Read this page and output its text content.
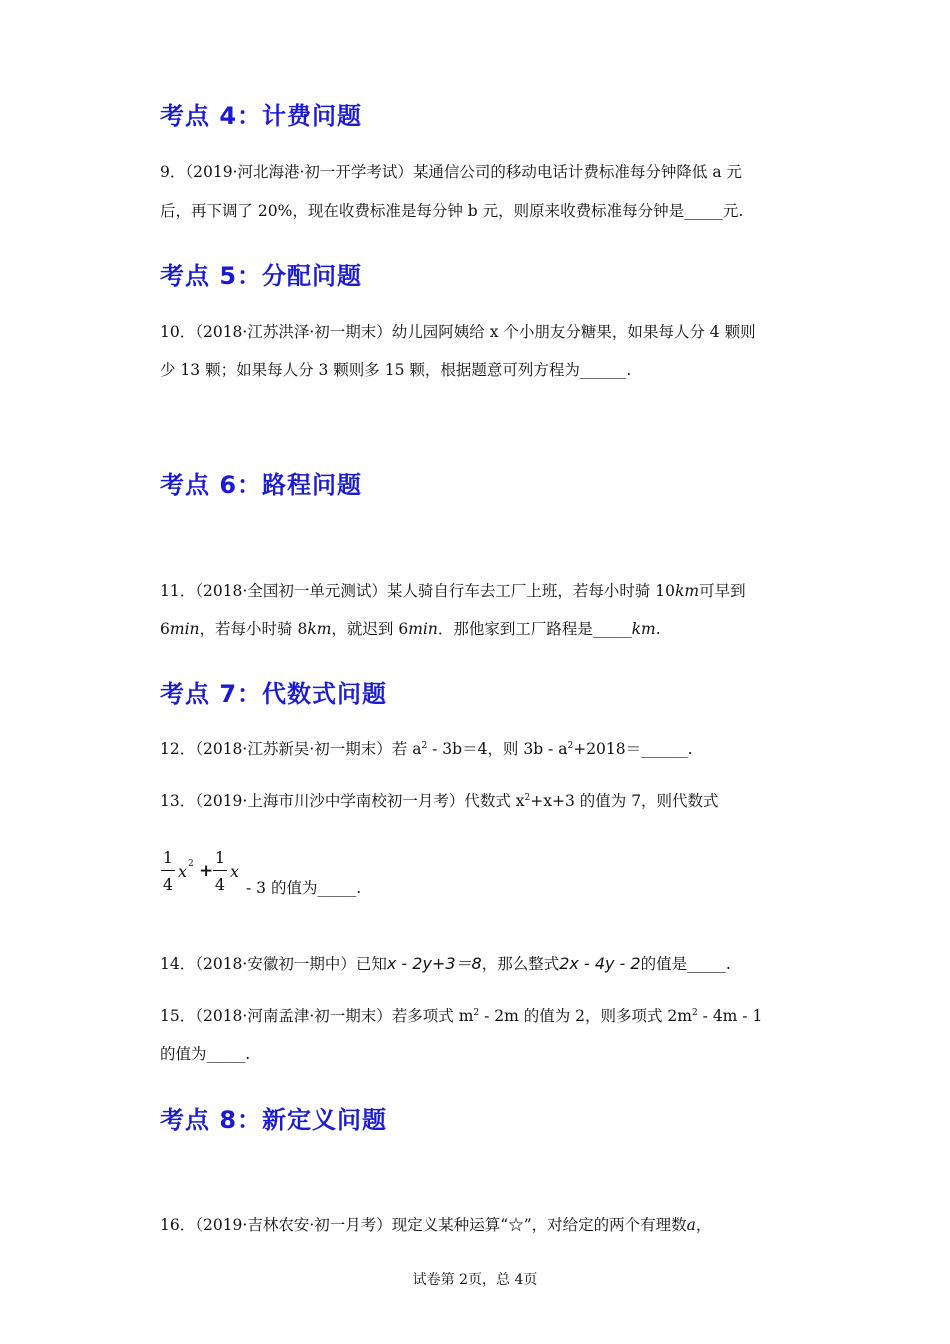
考点 4：计费问题
9．（2019·河北海港·初一开学考试）某通信公司的移动电话计费标准每分钟降低 a 元
后，再下调了 20%，现在收费标准是每分钟 b 元，则原来收费标准每分钟是_____元.
考点 5：分配问题
10．（2018·江苏洪泽·初一期末）幼儿园阿姨给 x 个小朋友分糖果，如果每人分 4 颗则
少 13 颗；如果每人分 3 颗则多 15 颗，根据题意可列方程为______.
考点 6：路程问题
11．（2018·全国初一单元测试）某人骑自行车去工厂上班，若每小时骑 10km可早到
6min，若每小时骑 8km，就迟到 6min．那他家到工厂路程是_____km.
考点 7：代数式问题
12．（2018·江苏新吴·初一期末）若 $a^2 - 3b=4$，则 $3b - a^2+2018=\_\_\_\_\_\_$.
13．（2019·上海市川沙中学南校初一月考）代数式 $x^2+x+3$ 的值为 7，则代数式
1
4
x 2 +
1
4
x
- 3 的值为_____.
14．（2018·安徽初一期中）已知x - 2y+3＝8，那么整式2x - 4y - 2的值是_____.
15．（2018·河南孟津·初一期末）若多项式 $m^2 - 2m$ 的值为 2，则多项式 $2m^2 - 4m - 1$
的值为_____.
考点 8：新定义问题
16．（2019·吉林农安·初一月考）现定义某种运算“☆”，对给定的两个有理数a，
试卷第 2页，总 4页
